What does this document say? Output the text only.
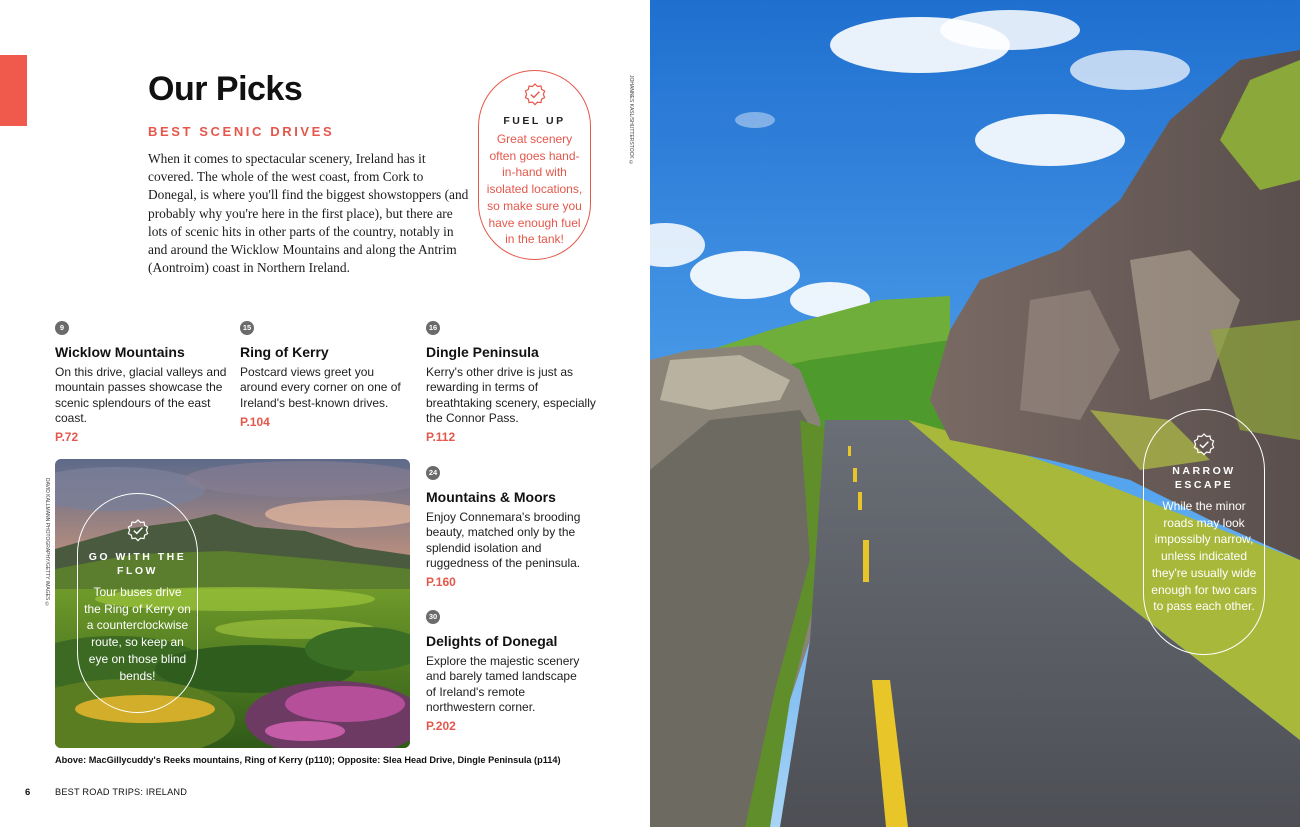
Our Picks
BEST SCENIC DRIVES

When it comes to spectacular scenery, Ireland has it covered. The whole of the west coast, from Cork to Donegal, is where you'll find the biggest showstoppers (and probably why you're here in the first place), but there are lots of scenic hits in other parts of the country, notably in and around the Wicklow Mountains and along the Antrim (Aontroim) coast in Northern Ireland.

FUEL UP
Great scenery often goes hand-in-hand with isolated locations, so make sure you have enough fuel in the tank!
JOHANNES KASL/SHUTTERSTOCK ©
9
Wicklow Mountains
On this drive, glacial valleys and mountain passes showcase the scenic splendours of the east coast.
P.72
15
Ring of Kerry
Postcard views greet you around every corner on one of Ireland's best-known drives.
P.104
16
Dingle Peninsula
Kerry's other drive is just as rewarding in terms of breathtaking scenery, especially the Connor Pass.
P.112
24
Mountains & Moors
Enjoy Connemara's brooding beauty, matched only by the splendid isolation and ruggedness of the peninsula.
P.160
30
Delights of Donegal
Explore the majestic scenery and barely tamed landscape of Ireland's remote northwestern corner.
P.202
DAVID KALLMANN PHOTOGRAPHY/GETTY IMAGES ©	GO WITH THE FLOW
Tour buses drive the Ring of Kerry on a counterclockwise route, so keep an eye on those blind bends!
Above: MacGillycuddy's Reeks mountains, Ring of Kerry (p110); Opposite: Slea Head Drive, Dingle Peninsula (p114)
6	BEST ROAD TRIPS: IRELAND
NARROW ESCAPE
While the minor roads may look impossibly narrow, unless indicated they're usually wide enough for two cars to pass each other.
